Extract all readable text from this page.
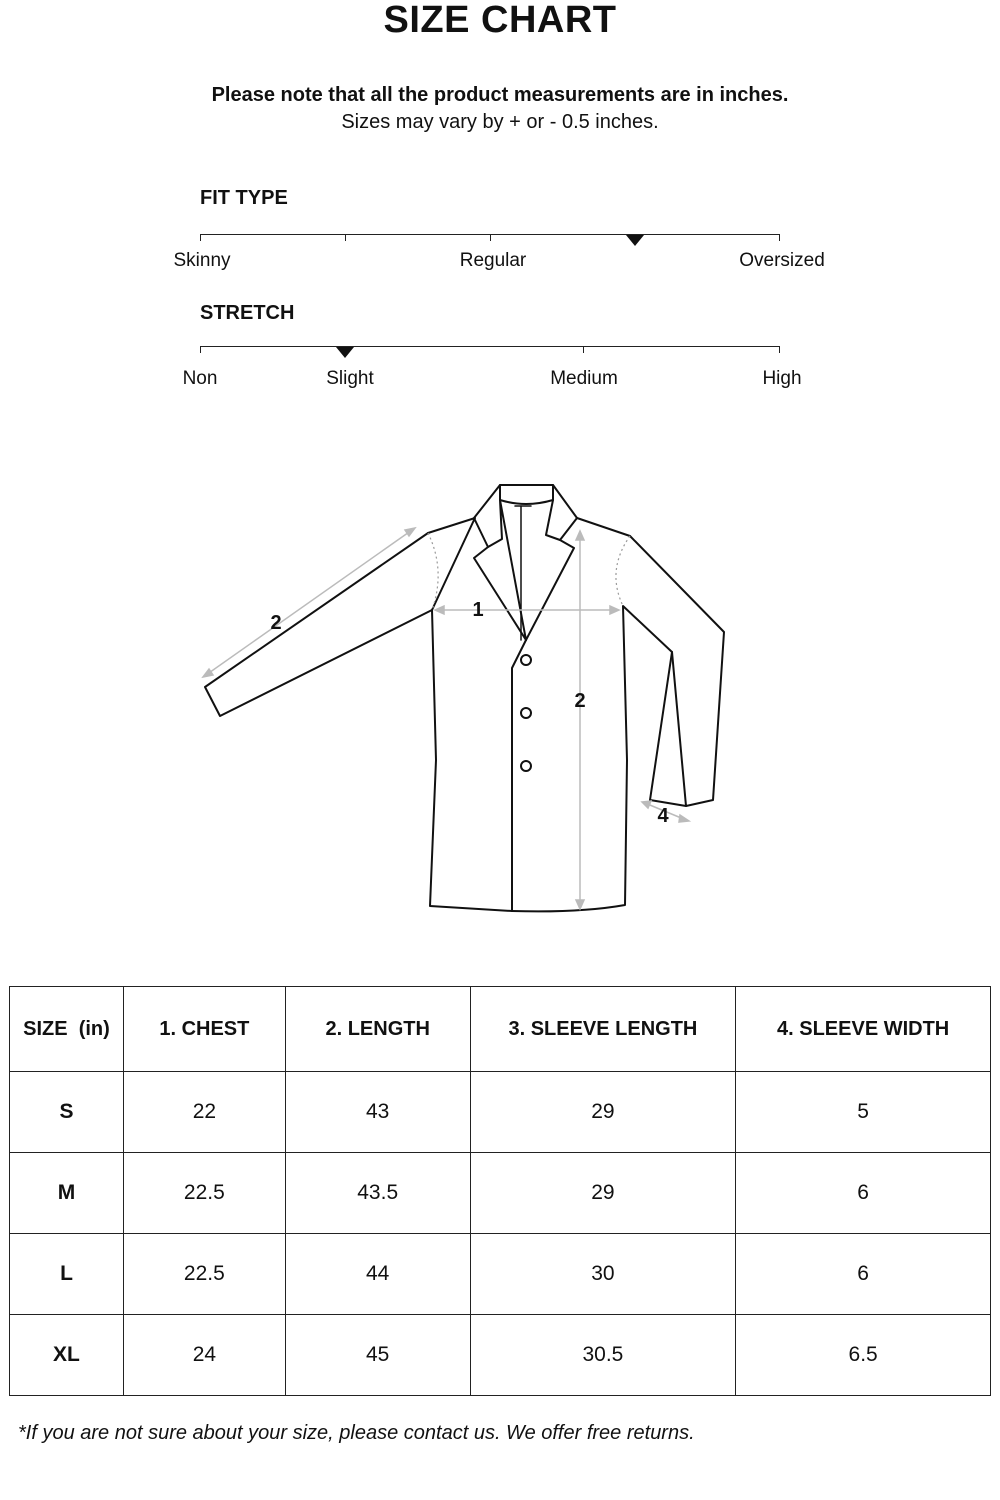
SIZE CHART
Please note that all the product measurements are in inches.
Sizes may vary by + or - 0.5 inches.
FIT TYPE
Skinny	Regular	Oversized
STRETCH
Non	Slight	Medium	High
1
2
2
4
SIZE  (in)	1. CHEST	2. LENGTH	3. SLEEVE LENGTH	4. SLEEVE WIDTH
S	22	43	29	5
M	22.5	43.5	29	6
L	22.5	44	30	6
XL	24	45	30.5	6.5
*If you are not sure about your size, please contact us. We offer free returns.
